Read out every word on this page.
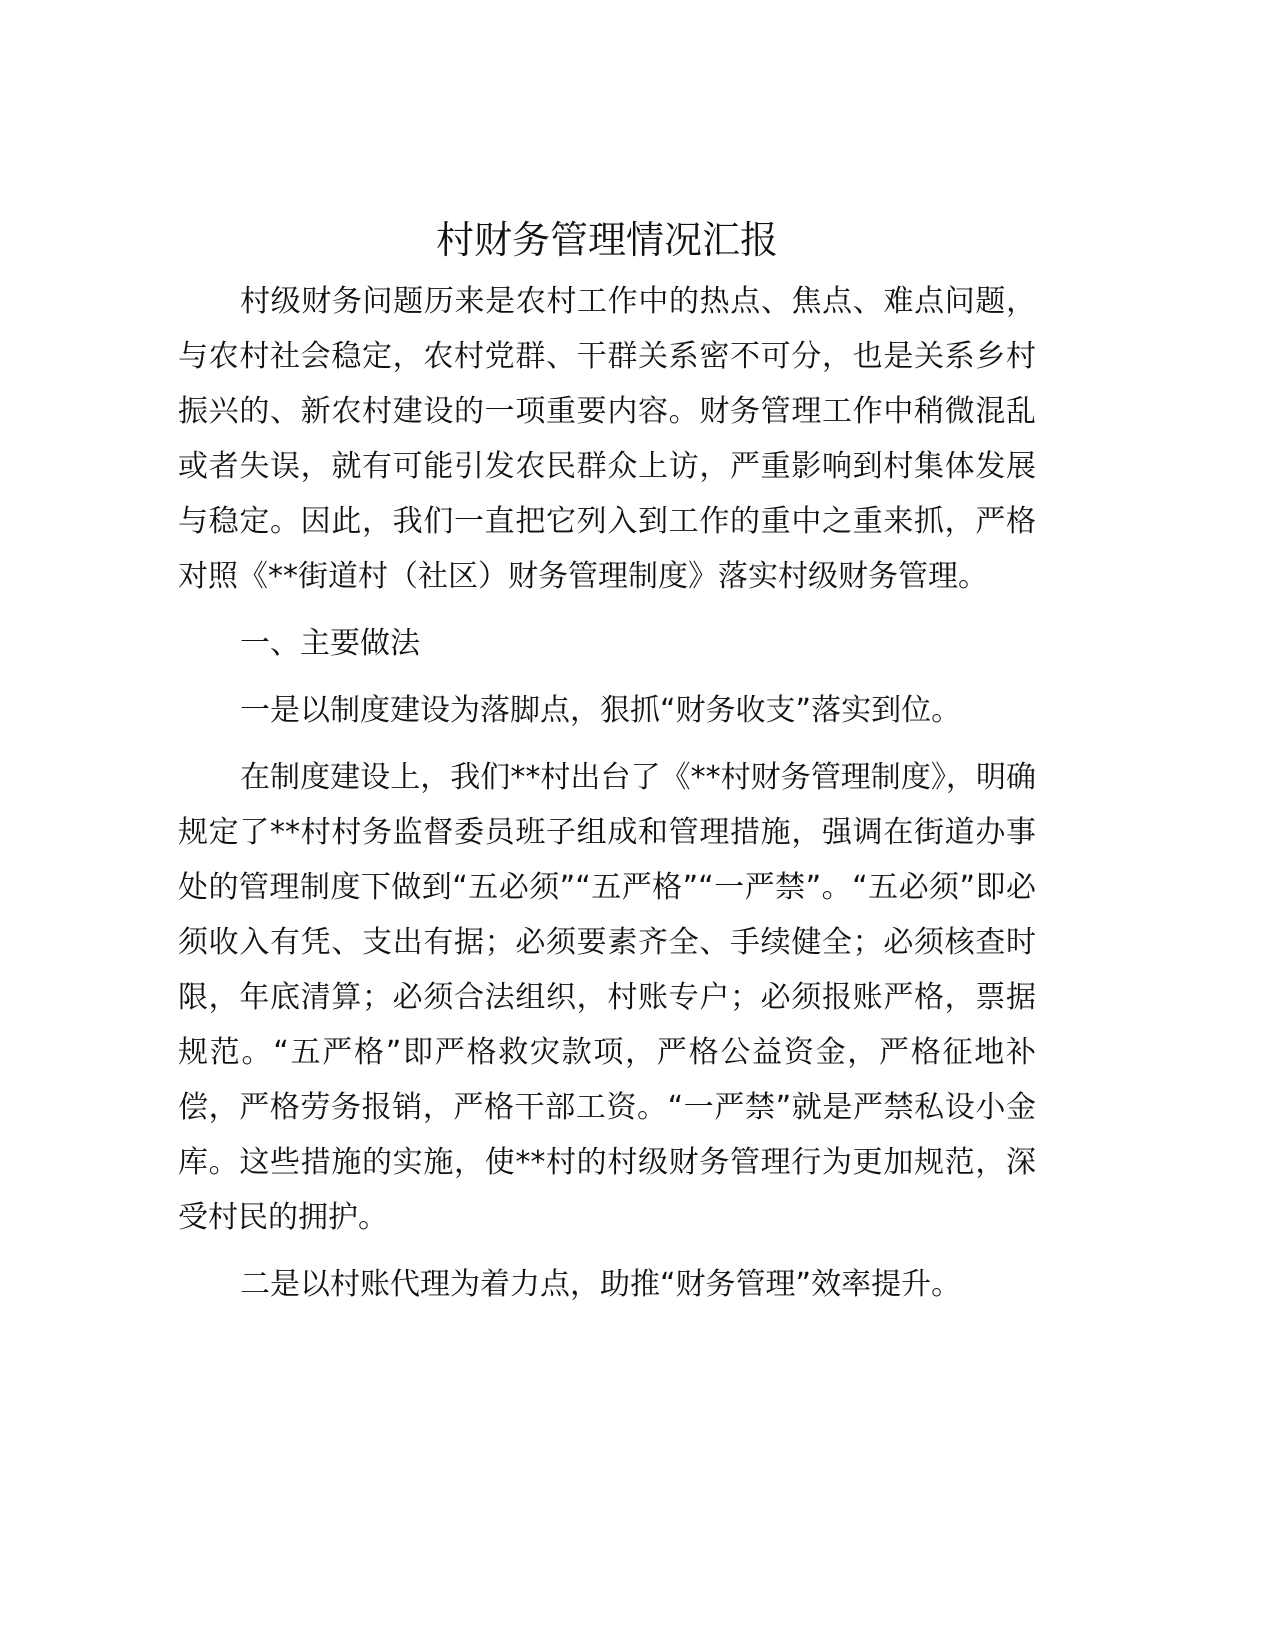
村财务管理情况汇报

村级财务问题历来是农村工作中的热点、焦点、难点问题，与农村社会稳定，农村党群、干群关系密不可分，也是关系乡村振兴的、新农村建设的一项重要内容。财务管理工作中稍微混乱或者失误，就有可能引发农民群众上访，严重影响到村集体发展与稳定。因此，我们一直把它列入到工作的重中之重来抓，严格对照《**街道村（社区）财务管理制度》落实村级财务管理。

一、主要做法

一是以制度建设为落脚点，狠抓“财务收支”落实到位。

在制度建设上，我们**村出台了《**村财务管理制度》，明确规定了**村村务监督委员班子组成和管理措施，强调在街道办事处的管理制度下做到“五必须”“五严格”“一严禁”。“五必须”即必须收入有凭、支出有据；必须要素齐全、手续健全；必须核查时限，年底清算；必须合法组织，村账专户；必须报账严格，票据规范。“五严格”即严格救灾款项，严格公益资金，严格征地补偿，严格劳务报销，严格干部工资。“一严禁”就是严禁私设小金库。这些措施的实施，使**村的村级财务管理行为更加规范，深受村民的拥护。

二是以村账代理为着力点，助推“财务管理”效率提升。
